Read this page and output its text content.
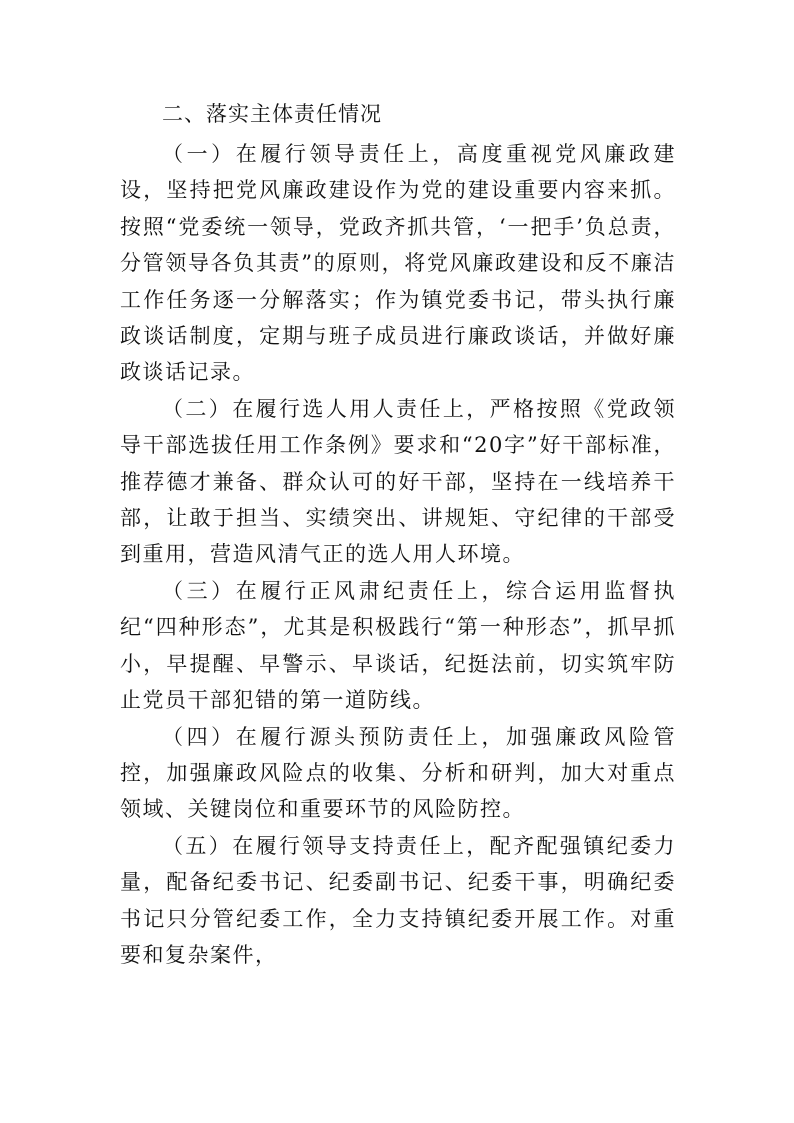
二、落实主体责任情况

（一）在履行领导责任上，高度重视党风廉政建设，坚持把党风廉政建设作为党的建设重要内容来抓。按照“党委统一领导，党政齐抓共管，‘一把手’负总责，分管领导各负其责”的原则，将党风廉政建设和反不廉洁工作任务逐一分解落实；作为镇党委书记，带头执行廉政谈话制度，定期与班子成员进行廉政谈话，并做好廉政谈话记录。

（二）在履行选人用人责任上，严格按照《党政领导干部选拔任用工作条例》要求和“20字”好干部标准，推荐德才兼备、群众认可的好干部，坚持在一线培养干部，让敢于担当、实绩突出、讲规矩、守纪律的干部受到重用，营造风清气正的选人用人环境。

（三）在履行正风肃纪责任上，综合运用监督执纪“四种形态”，尤其是积极践行“第一种形态”，抓早抓小，早提醒、早警示、早谈话，纪挺法前，切实筑牢防止党员干部犯错的第一道防线。

（四）在履行源头预防责任上，加强廉政风险管控，加强廉政风险点的收集、分析和研判，加大对重点领域、关键岗位和重要环节的风险防控。

（五）在履行领导支持责任上，配齐配强镇纪委力量，配备纪委书记、纪委副书记、纪委干事，明确纪委书记只分管纪委工作，全力支持镇纪委开展工作。对重要和复杂案件，
